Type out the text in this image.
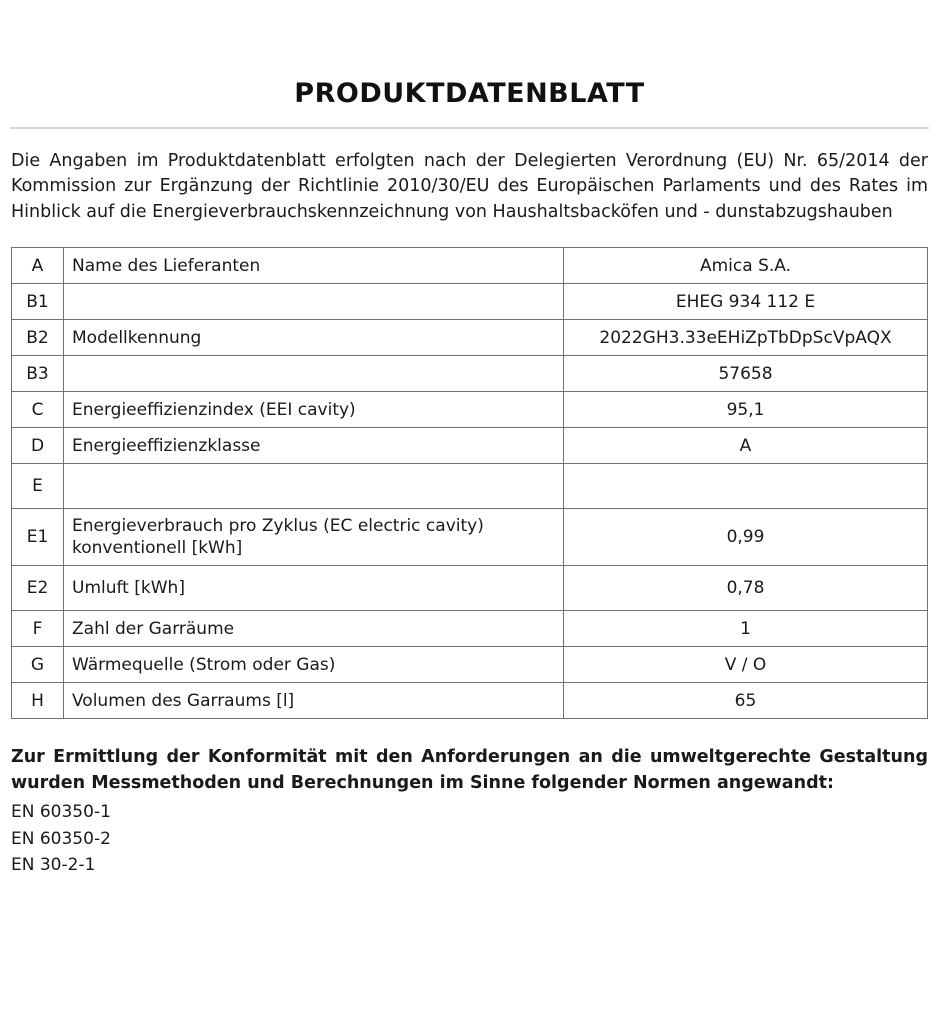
PRODUKTDATENBLATT

Die Angaben im Produktdatenblatt erfolgten nach der Delegierten Verordnung (EU) Nr. 65/2014 der Kommission zur Ergänzung der Richtlinie 2010/30/EU des Europäischen Parlaments und des Rates im Hinblick auf die Energieverbrauchskennzeichnung von Haushaltsbacköfen und - dunstabzugshauben

A	Name des Lieferanten	Amica S.A.
B1		EHEG 934 112 E
B2	Modellkennung	2022GH3.33eEHiZpTbDpScVpAQX
B3		57658
C	Energieeffizienzindex (EEI cavity)	95,1
D	Energieeffizienzklasse	A
E		
E1	Energieverbrauch pro Zyklus (EC electric cavity)
konventionell [kWh]	0,99
E2	Umluft [kWh]	0,78
F	Zahl der Garräume	1
G	Wärmequelle (Strom oder Gas)	V / O
H	Volumen des Garraums [l]	65

Zur Ermittlung der Konformität mit den Anforderungen an die umweltgerechte Gestaltung wurden Messmethoden und Berechnungen im Sinne folgender Normen angewandt:

EN 60350-1

EN 60350-2

EN 30-2-1
